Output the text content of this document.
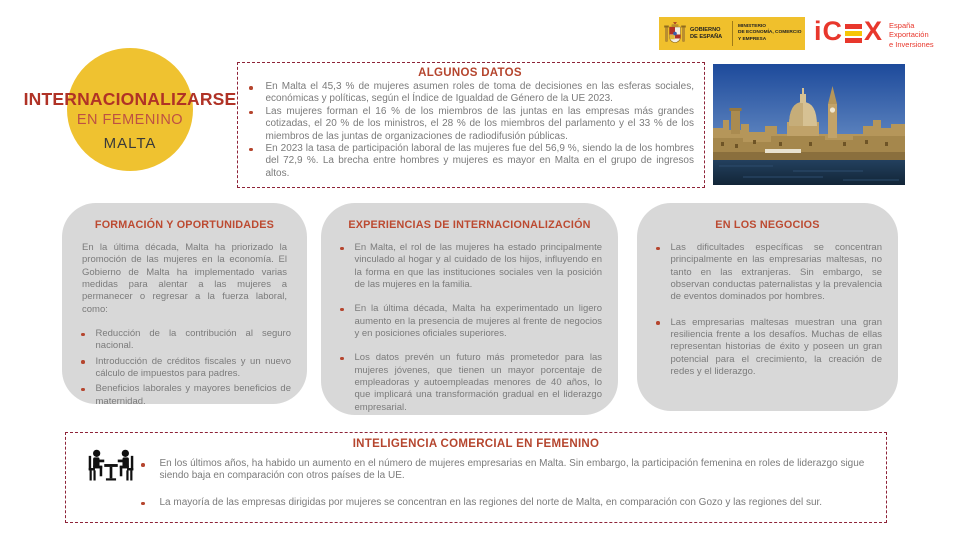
INTERNACIONALIZARSE
EN FEMENINO
MALTA
GOBIERNO
DE ESPAÑA
MINISTERIO
DE ECONOMÍA, COMERCIO
Y EMPRESA	iC X España
Exportación
e Inversiones
ALGUNOS DATOS
En Malta el 45,3 % de mujeres asumen roles de toma de decisiones en las esferas sociales, económicas y políticas, según el Índice de Igualdad de Género de la UE 2023.
Las mujeres forman el 16 % de los miembros de las juntas en las empresas más grandes cotizadas, el 20 % de los ministros, el 28 % de los miembros del parlamento y el 33 % de los miembros de las juntas de organizaciones de radiodifusión públicas.
En 2023 la tasa de participación laboral de las mujeres fue del 56,9 %, siendo la de los hombres del 72,9 %. La brecha entre hombres y mujeres es mayor en Malta en el grupo de ingresos altos.
FORMACIÓN Y OPORTUNIDADES
En la última década, Malta ha priorizado la promoción de las mujeres en la economía. El Gobierno de Malta ha implementado varias medidas para alentar a las mujeres a permanecer o regresar a la fuerza laboral, como:
Reducción de la contribución al seguro nacional.
Introducción de créditos fiscales y un nuevo cálculo de impuestos para padres.
Beneficios laborales y mayores beneficios de maternidad.
EXPERIENCIAS DE INTERNACIONALIZACIÓN
En Malta, el rol de las mujeres ha estado principalmente vinculado al hogar y al cuidado de los hijos, influyendo en la forma en que las instituciones sociales ven la posición de las mujeres en la familia.
En la última década, Malta ha experimentado un ligero aumento en la presencia de mujeres al frente de negocios y en posiciones oficiales superiores.
Los datos prevén un futuro más prometedor para las mujeres jóvenes, que tienen un mayor porcentaje de empleadoras y autoempleadas menores de 40 años, lo que implicará una transformación gradual en el liderazgo empresarial.
EN LOS NEGOCIOS
Las dificultades específicas se concentran principalmente en las empresarias maltesas, no tanto en las extranjeras. Sin embargo, se observan conductas paternalistas y la prevalencia de eventos dominados por hombres.
Las empresarias maltesas muestran una gran resiliencia frente a los desafíos. Muchas de ellas representan historias de éxito y poseen un gran potencial para el crecimiento, la creación de redes y el liderazgo.
INTELIGENCIA COMERCIAL EN FEMENINO
En los últimos años, ha habido un aumento en el número de mujeres empresarias en Malta. Sin embargo, la participación femenina en roles de liderazgo sigue siendo baja en comparación con otros países de la UE.
La mayoría de las empresas dirigidas por mujeres se concentran en las regiones del norte de Malta, en comparación con Gozo y las regiones del sur.
